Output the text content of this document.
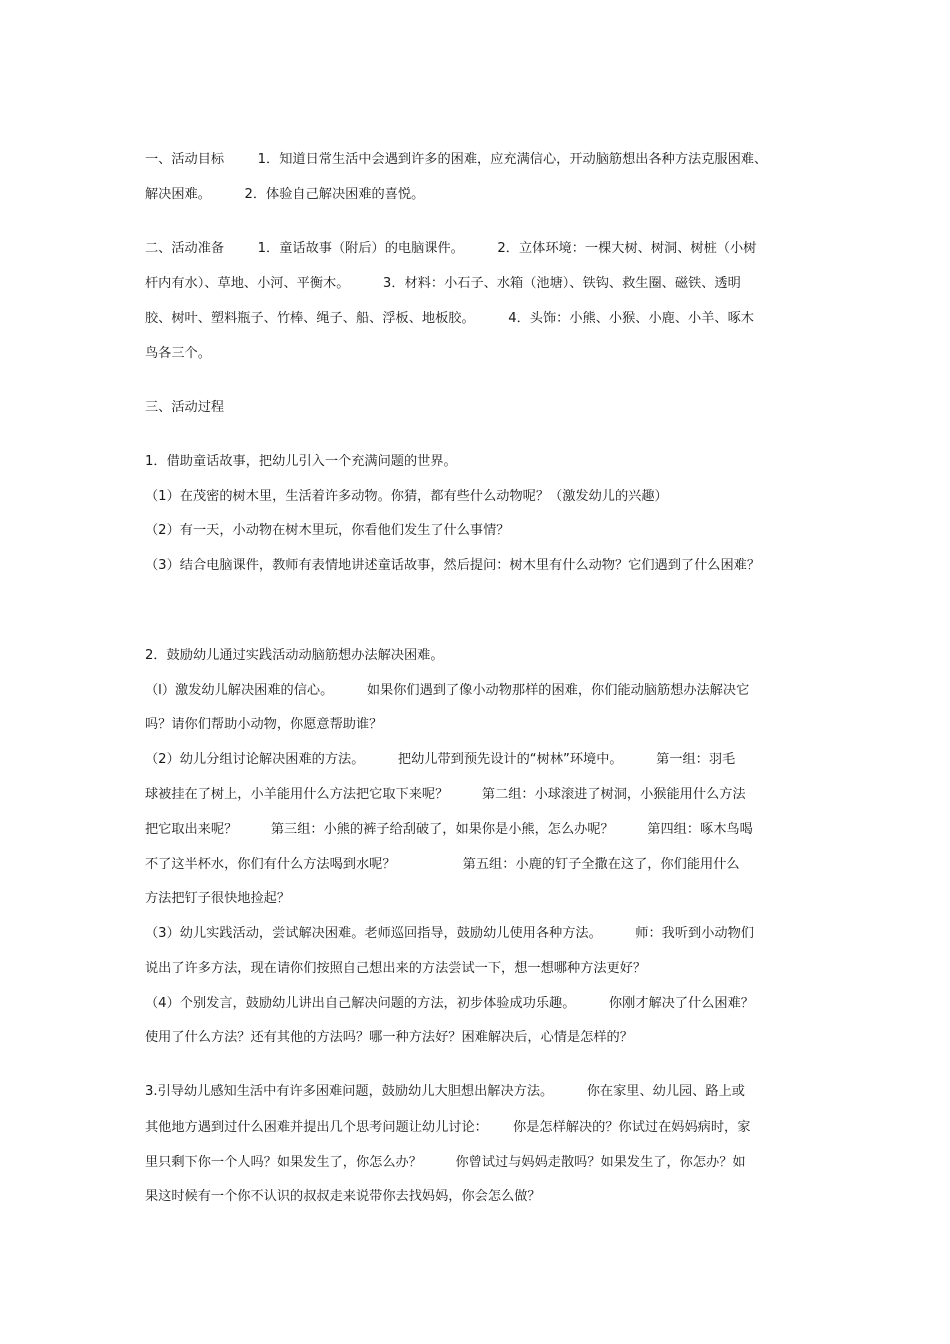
一、活动目标        1．知道日常生活中会遇到许多的困难，应充满信心，开动脑筋想出各种方法克服困难、
解决困难。        2．体验自己解决困难的喜悦。
二、活动准备        1．童话故事（附后）的电脑课件。        2．立体环境：一棵大树、树洞、树桩（小树
杆内有水）、草地、小河、平衡木。        3．材料：小石子、水箱（池塘）、铁钩、救生圈、磁铁、透明
胶、树叶、塑料瓶子、竹棒、绳子、船、浮板、地板胶。        4．头饰：小熊、小猴、小鹿、小羊、啄木
鸟各三个。
三、活动过程
1．借助童话故事，把幼儿引入一个充满问题的世界。
（1）在茂密的树木里，生活着许多动物。你猜，都有些什么动物呢？（激发幼儿的兴趣）
（2）有一天，小动物在树木里玩，你看他们发生了什么事情？
（3）结合电脑课件，教师有表情地讲述童话故事，然后提问：树木里有什么动物？它们遇到了什么困难？
2．鼓励幼儿通过实践活动动脑筋想办法解决困难。
（l）激发幼儿解决困难的信心。        如果你们遇到了像小动物那样的困难，你们能动脑筋想办法解决它
吗？请你们帮助小动物，你愿意帮助谁？
（2）幼儿分组讨论解决困难的方法。        把幼儿带到预先设计的“树林”环境中。        第一组：羽毛
球被挂在了树上，小羊能用什么方法把它取下来呢？        第二组：小球滚进了树洞，小猴能用什么方法
把它取出来呢？        第三组：小熊的裤子给刮破了，如果你是小熊，怎么办呢？        第四组：啄木鸟喝
不了这半杯水，你们有什么方法喝到水呢？                第五组：小鹿的钉子全撒在这了，你们能用什么
方法把钉子很快地捡起？
（3）幼儿实践活动，尝试解决困难。老师巡回指导，鼓励幼儿使用各种方法。        师：我听到小动物们
说出了许多方法，现在请你们按照自己想出来的方法尝试一下，想一想哪种方法更好？
（4）个别发言，鼓励幼儿讲出自己解决问题的方法，初步体验成功乐趣。        你刚才解决了什么困难？
使用了什么方法？还有其他的方法吗？哪一种方法好？困难解决后，心情是怎样的？
3.引导幼儿感知生活中有许多困难问题，鼓励幼儿大胆想出解决方法。        你在家里、幼儿园、路上或
其他地方遇到过什么困难并提出几个思考问题让幼儿讨论：      你是怎样解决的？你试过在妈妈病时，家
里只剩下你一个人吗？如果发生了，你怎么办？        你曾试过与妈妈走散吗？如果发生了，你怎办？如
果这时候有一个你不认识的叔叔走来说带你去找妈妈，你会怎么做？
